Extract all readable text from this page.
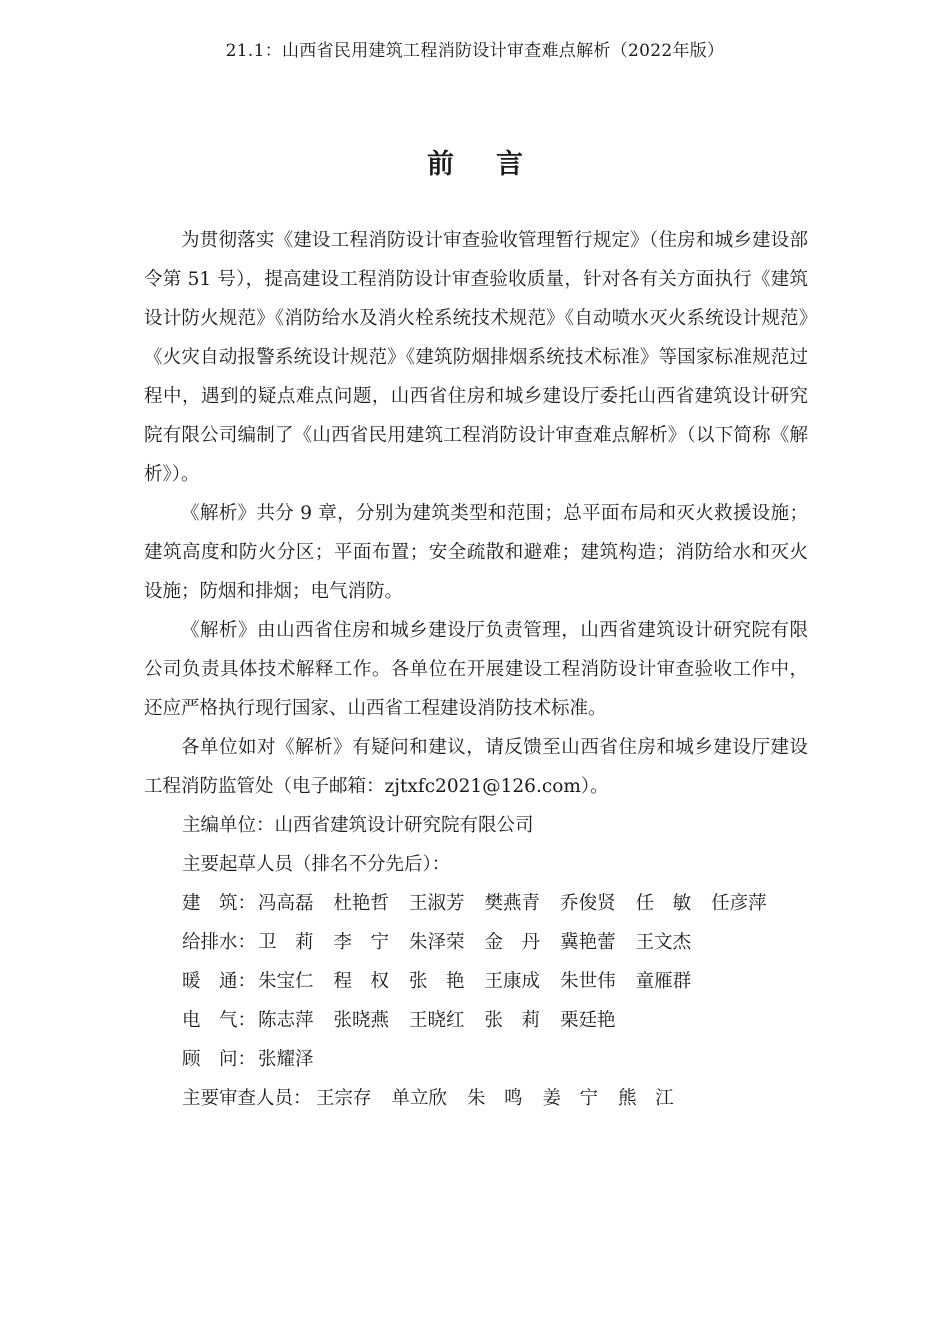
21.1：山西省民用建筑工程消防设计审查难点解析（2022年版）
前言

为贯彻落实《建设工程消防设计审查验收管理暂行规定》（住房和城乡建设部令第 51 号），提高建设工程消防设计审查验收质量，针对各有关方面执行《建筑设计防火规范》《消防给水及消火栓系统技术规范》《自动喷水灭火系统设计规范》《火灾自动报警系统设计规范》《建筑防烟排烟系统技术标准》等国家标准规范过程中，遇到的疑点难点问题，山西省住房和城乡建设厅委托山西省建筑设计研究院有限公司编制了《山西省民用建筑工程消防设计审查难点解析》（以下简称《解析》）。

《解析》共分 9 章，分别为建筑类型和范围；总平面布局和灭火救援设施；建筑高度和防火分区；平面布置；安全疏散和避难；建筑构造；消防给水和灭火设施；防烟和排烟；电气消防。

《解析》由山西省住房和城乡建设厅负责管理，山西省建筑设计研究院有限公司负责具体技术解释工作。各单位在开展建设工程消防设计审查验收工作中，还应严格执行现行国家、山西省工程建设消防技术标准。

各单位如对《解析》有疑问和建议，请反馈至山西省住房和城乡建设厅建设工程消防监管处（电子邮箱：zjtxfc2021@126.com）。

主编单位：山西省建筑设计研究院有限公司

主要起草人员（排名不分先后）：

建　筑： 冯高磊 杜艳哲 王淑芳 樊燕青 乔俊贤 任　敏 任彦萍
给排水： 卫　莉 李　宁 朱泽荣 金　丹 冀艳蕾 王文杰
暖　通： 朱宝仁 程　权 张　艳 王康成 朱世伟 童雁群
电　气： 陈志萍 张晓燕 王晓红 张　莉 栗廷艳
顾　问： 张耀泽
主要审查人员： 王宗存 单立欣 朱　鸣 姜　宁 熊　江
